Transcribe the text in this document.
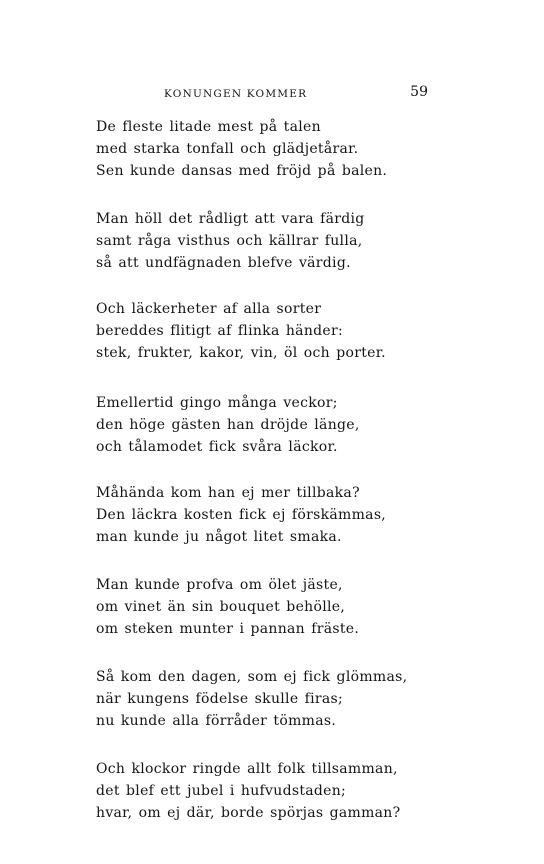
KONUNGEN KOMMER	59
De fleste litade mest på talen
med starka tonfall och glädjetårar.
Sen kunde dansas med fröjd på balen.
Man höll det rådligt att vara färdig
samt råga visthus och källrar fulla,
så att undfägnaden blefve värdig.
Och läckerheter af alla sorter
bereddes flitigt af flinka händer:
stek, frukter, kakor, vin, öl och porter.
Emellertid gingo många veckor;
den höge gästen han dröjde länge,
och tålamodet fick svåra läckor.
Måhända kom han ej mer tillbaka?
Den läckra kosten fick ej förskämmas,
man kunde ju något litet smaka.
Man kunde profva om ölet jäste,
om vinet än sin bouquet behölle,
om steken munter i pannan fräste.
Så kom den dagen, som ej fick glömmas,
när kungens födelse skulle firas;
nu kunde alla förråder tömmas.
Och klockor ringde allt folk tillsamman,
det blef ett jubel i hufvudstaden;
hvar, om ej där, borde spörjas gamman?
